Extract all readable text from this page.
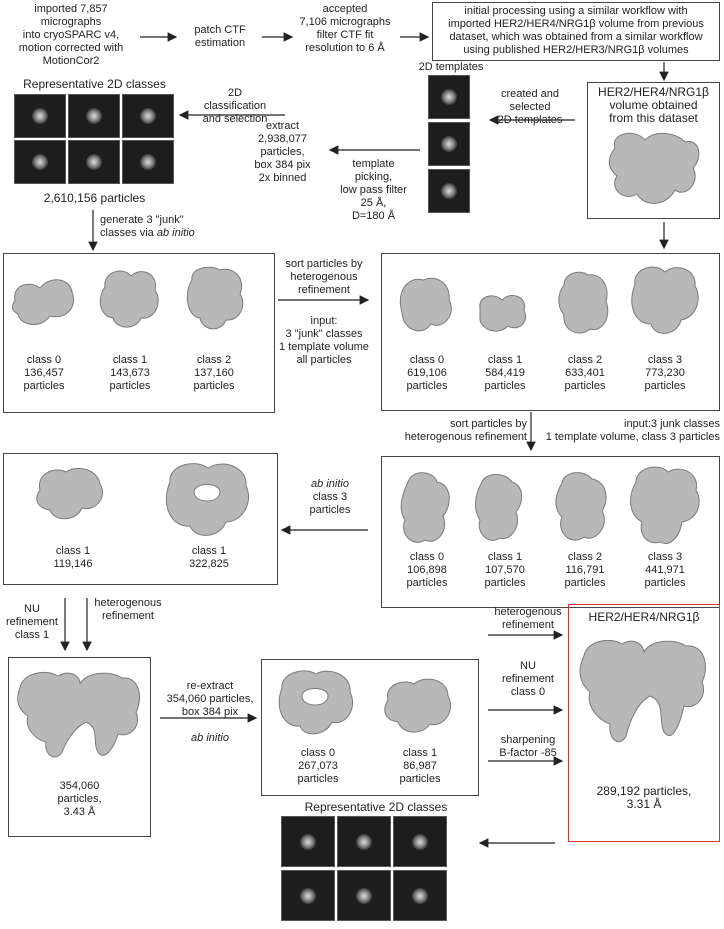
imported 7,857
micrographs
into cryoSPARC v4,
motion corrected with
MotionCor2
patch CTF
estimation
accepted
7,106 micrographs
filter CTF fit
resolution to 6 Å
initial processing using a similar workflow with
imported HER2/HER4/NRG1β volume from previous
dataset, which was obtained from a similar workflow
using published HER2/HER3/NRG1β volumes
Representative 2D classes
2,610,156 particles
2D
classification
and selection
extract
2,938,077
particles,
box 384 pix
2x binned
template
picking,
low pass filter
25 Å,
D=180 Å
2D templates
created and
selected
2D templates
HER2/HER4/NRG1β
volume obtained
from this dataset
generate 3 "junk"
classes via ab initio
class 0
136,457
particles
class 1
143,673
particles
class 2
137,160
particles
sort particles by
heterogenous
refinement
input:
3 "junk" classes
1 template volume
all particles	class 0
619,106
particles
class 1
584,419
particles
class 2
633,401
particles
class 3
773,230
particles
sort particles by
heterogenous refinement
input:3 junk classes
1 template volume, class 3 particles
class 0
106,898
particles
class 1
107,570
particles
class 2
116,791
particles
class 3
441,971
particles
ab initio
class 3
particles
class 1
119,146
class 1
322,825
NU
refinement
class 1
heterogenous
refinement
354,060
particles,
3.43 Å
re-extract
354,060 particles,
box 384 pix
ab initio
class 0
267,073
particles
class 1
86,987
particles
heterogenous
refinement
NU
refinement
class 0
sharpening
B-factor -85
HER2/HER4/NRG1β
289,192 particles,
3.31 Å
Representative 2D classes
